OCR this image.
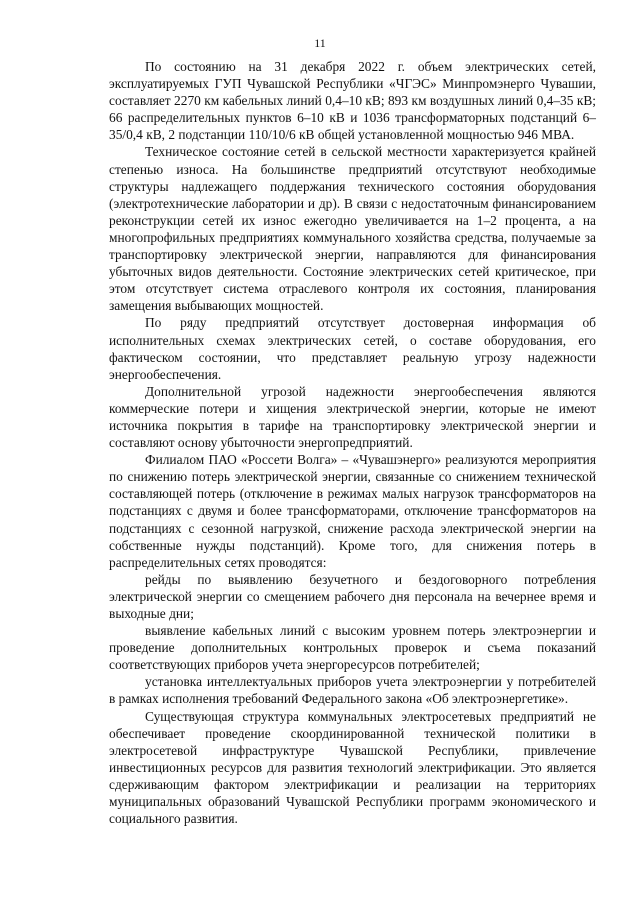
11

По состоянию на 31 декабря 2022 г. объем электрических сетей, эксплуатируемых ГУП Чувашской Республики «ЧГЭС» Минпромэнерго Чувашии, составляет 2270 км кабельных линий 0,4–10 кВ; 893 км воздушных линий 0,4–35 кВ; 66 распределительных пунктов 6–10 кВ и 1036 трансформаторных подстанций 6–35/0,4 кВ, 2 подстанции 110/10/6 кВ общей установленной мощностью 946 МВА.

Техническое состояние сетей в сельской местности характеризуется крайней степенью износа. На большинстве предприятий отсутствуют необходимые структуры надлежащего поддержания технического состояния оборудования (электротехнические лаборатории и др). В связи с недостаточным финансированием реконструкции сетей их износ ежегодно увеличивается на 1–2 процента, а на многопрофильных предприятиях коммунального хозяйства средства, получаемые за транспортировку электрической энергии, направляются для финансирования убыточных видов деятельности. Состояние электрических сетей критическое, при этом отсутствует система отраслевого контроля их состояния, планирования замещения выбывающих мощностей.

По ряду предприятий отсутствует достоверная информация об исполнительных схемах электрических сетей, о составе оборудования, его фактическом состоянии, что представляет реальную угрозу надежности энергообеспечения.

Дополнительной угрозой надежности энергообеспечения являются коммерческие потери и хищения электрической энергии, которые не имеют источника покрытия в тарифе на транспортировку электрической энергии и составляют основу убыточности энергопредприятий.

Филиалом ПАО «Россети Волга» – «Чувашэнерго» реализуются мероприятия по снижению потерь электрической энергии, связанные со снижением технической составляющей потерь (отключение в режимах малых нагрузок трансформаторов на подстанциях с двумя и более трансформаторами, отключение трансформаторов на подстанциях с сезонной нагрузкой, снижение расхода электрической энергии на собственные нужды подстанций). Кроме того, для снижения потерь в распределительных сетях проводятся:

рейды по выявлению безучетного и бездоговорного потребления электрической энергии со смещением рабочего дня персонала на вечернее время и выходные дни;

выявление кабельных линий с высоким уровнем потерь электроэнергии и проведение дополнительных контрольных проверок и съема показаний соответствующих приборов учета энергоресурсов потребителей;

установка интеллектуальных приборов учета электроэнергии у потребителей в рамках исполнения требований Федерального закона «Об электроэнергетике».

Существующая структура коммунальных электросетевых предприятий не обеспечивает проведение скоординированной технической политики в электросетевой инфраструктуре Чувашской Республики, привлечение инвестиционных ресурсов для развития технологий электрификации. Это является сдерживающим фактором электрификации и реализации на территориях муниципальных образований Чувашской Республики программ экономического и социального развития.
